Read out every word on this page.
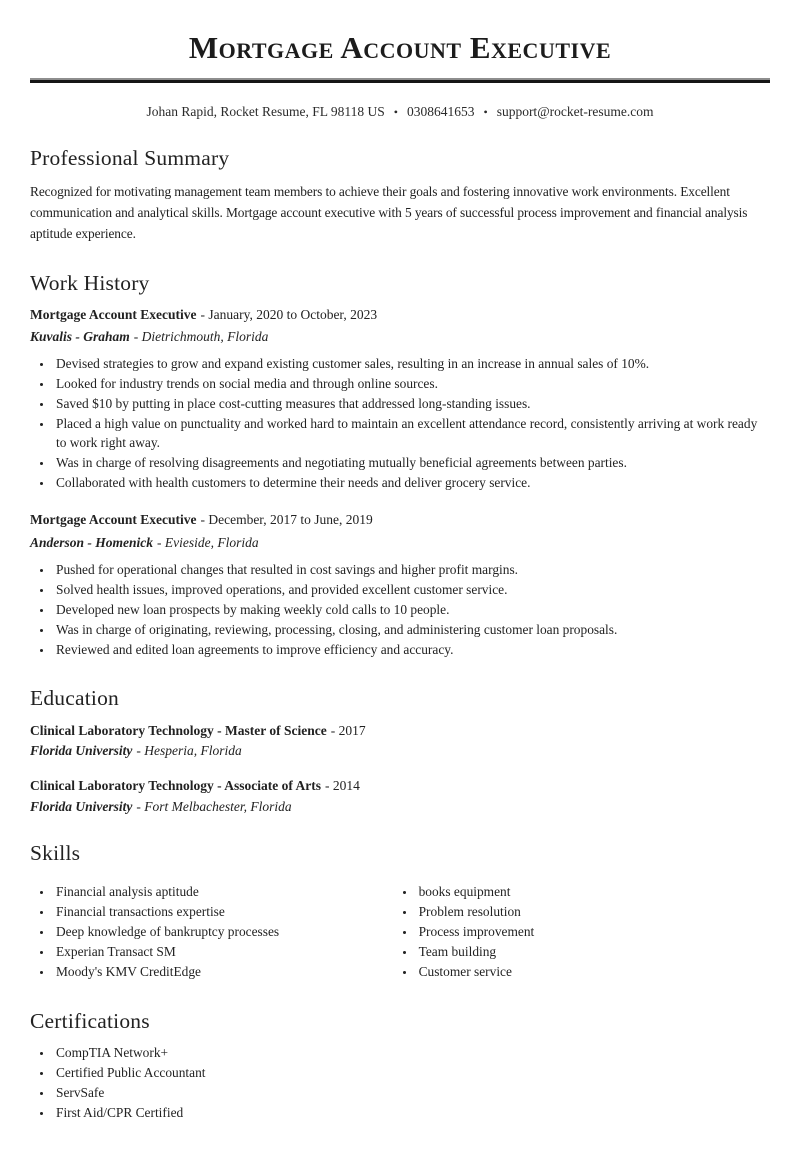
Mortgage Account Executive
Johan Rapid, Rocket Resume, FL 98118 US • 0308641653 • support@rocket-resume.com
Professional Summary

Recognized for motivating management team members to achieve their goals and fostering innovative work environments. Excellent communication and analytical skills. Mortgage account executive with 5 years of successful process improvement and financial analysis aptitude experience.

Work History
Mortgage Account Executive - January, 2020 to October, 2023
Kuvalis - Graham - Dietrichmouth, Florida
• Devised strategies to grow and expand existing customer sales, resulting in an increase in annual sales of 10%.
• Looked for industry trends on social media and through online sources.
• Saved $10 by putting in place cost-cutting measures that addressed long-standing issues.
• Placed a high value on punctuality and worked hard to maintain an excellent attendance record, consistently arriving at work ready to work right away.
• Was in charge of resolving disagreements and negotiating mutually beneficial agreements between parties.
• Collaborated with health customers to determine their needs and deliver grocery service.
Mortgage Account Executive - December, 2017 to June, 2019
Anderson - Homenick - Evieside, Florida
• Pushed for operational changes that resulted in cost savings and higher profit margins.
• Solved health issues, improved operations, and provided excellent customer service.
• Developed new loan prospects by making weekly cold calls to 10 people.
• Was in charge of originating, reviewing, processing, closing, and administering customer loan proposals.
• Reviewed and edited loan agreements to improve efficiency and accuracy.
Education
Clinical Laboratory Technology - Master of Science - 2017
Florida University - Hesperia, Florida
Clinical Laboratory Technology - Associate of Arts - 2014
Florida University - Fort Melbachester, Florida
Skills
• Financial analysis aptitude
• Financial transactions expertise
• Deep knowledge of bankruptcy processes
• Experian Transact SM
• Moody's KMV CreditEdge
• books equipment
• Problem resolution
• Process improvement
• Team building
• Customer service
Certifications
• CompTIA Network+
• Certified Public Accountant
• ServSafe
• First Aid/CPR Certified
